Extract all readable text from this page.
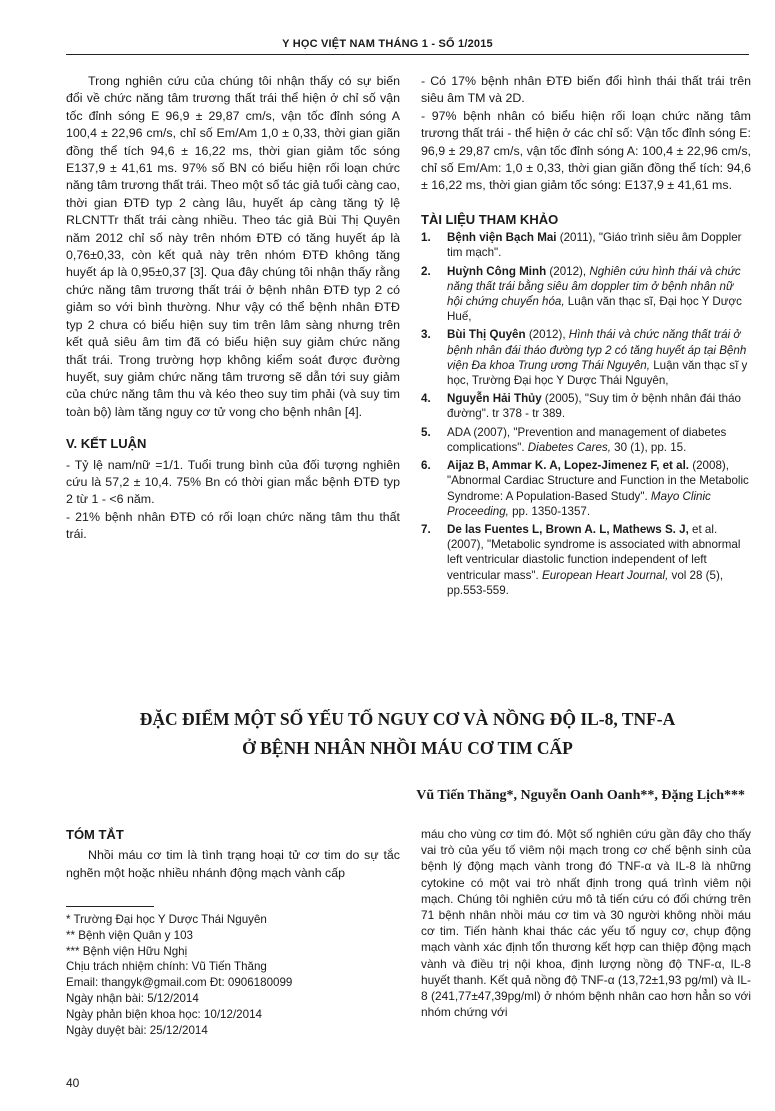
Y HỌC VIỆT NAM THÁNG 1 - SỐ 1/2015

Trong nghiên cứu của chúng tôi nhận thấy có sự biến đổi về chức năng tâm trương thất trái thể hiện ở chỉ số vận tốc đỉnh sóng E 96,9 ± 29,87 cm/s, vận tốc đỉnh sóng A 100,4 ± 22,96 cm/s, chỉ số Em/Am 1,0 ± 0,33, thời gian giãn đồng thể tích 94,6 ± 16,22 ms, thời gian giảm tốc sóng E137,9 ± 41,61 ms. 97% số BN có biểu hiện rối loạn chức năng tâm trương thất trái. Theo một số tác giả tuổi càng cao, thời gian ĐTĐ typ 2 càng lâu, huyết áp càng tăng tỷ lệ RLCNTTr thất trái càng nhiều. Theo tác giả Bùi Thị Quyên năm 2012 chỉ số này trên nhóm ĐTĐ có tăng huyết áp là 0,76±0,33, còn kết quả này trên nhóm ĐTĐ không tăng huyết áp là 0,95±0,37 [3]. Qua đây chúng tôi nhận thấy rằng chức năng tâm trương thất trái ở bệnh nhân ĐTĐ typ 2 có giảm so với bình thường. Như vậy có thể bệnh nhân ĐTĐ typ 2 chưa có biểu hiện suy tim trên lâm sàng nhưng trên kết quả siêu âm tim đã có biểu hiện suy giảm chức năng thất trái. Trong trường hợp không kiểm soát được đường huyết, suy giảm chức năng tâm trương sẽ dẫn tới suy giảm của chức năng tâm thu và kéo theo suy tim phải (và suy tim toàn bộ) làm tăng nguy cơ tử vong cho bệnh nhân [4].

V. KẾT LUẬN

- Tỷ lệ nam/nữ =1/1. Tuổi trung bình của đối tượng nghiên cứu là 57,2 ± 10,4. 75% Bn có thời gian mắc bệnh ĐTĐ typ 2 từ 1 - <6 năm.

- 21% bệnh nhân ĐTĐ có rối loạn chức năng tâm thu thất trái.

- Có 17% bệnh nhân ĐTĐ biến đổi hình thái thất trái trên siêu âm TM và 2D.

- 97% bệnh nhân có biểu hiện rối loạn chức năng tâm trương thất trái - thể hiện ở các chỉ số: Vận tốc đỉnh sóng E: 96,9 ± 29,87 cm/s, vận tốc đỉnh sóng A: 100,4 ± 22,96 cm/s, chỉ số Em/Am: 1,0 ± 0,33, thời gian giãn đồng thể tích: 94,6 ± 16,22 ms, thời gian giảm tốc sóng: E137,9 ± 41,61 ms.

TÀI LIỆU THAM KHẢO

1. Bệnh viện Bạch Mai (2011), "Giáo trình siêu âm Doppler tim mạch".
2. Huỳnh Công Minh (2012), Nghiên cứu hình thái và chức năng thất trái bằng siêu âm doppler tim ở bệnh nhân nữ hội chứng chuyển hóa, Luận văn thạc sĩ, Đại học Y Dược Huế,
3. Bùi Thị Quyên (2012), Hình thái và chức năng thất trái ở bệnh nhân đái tháo đường typ 2 có tăng huyết áp tại Bệnh viện Đa khoa Trung ương Thái Nguyên, Luận văn thạc sĩ y học, Trường Đại học Y Dược Thái Nguyên,
4. Nguyễn Hải Thủy (2005), "Suy tim ở bệnh nhân đái tháo đường". tr 378 - tr 389.
5. ADA (2007), "Prevention and management of diabetes complications". Diabetes Cares, 30 (1), pp. 15.
6. Aijaz B, Ammar K. A, Lopez-Jimenez F, et al. (2008), "Abnormal Cardiac Structure and Function in the Metabolic Syndrome: A Population-Based Study". Mayo Clinic Proceeding, pp. 1350-1357.
7. De las Fuentes L, Brown A. L, Mathews S. J, et al. (2007), "Metabolic syndrome is associated with abnormal left ventricular diastolic function independent of left ventricular mass". European Heart Journal, vol 28 (5), pp.553-559.
ĐẶC ĐIỂM MỘT SỐ YẾU TỐ NGUY CƠ VÀ NỒNG ĐỘ IL-8, TNF-A
Ở BỆNH NHÂN NHỒI MÁU CƠ TIM CẤP
Vũ Tiến Thăng*, Nguyễn Oanh Oanh**, Đặng Lịch***

TÓM TẮT

Nhồi máu cơ tim là tình trạng hoại tử cơ tim do sự tắc nghẽn một hoặc nhiều nhánh động mạch vành cấp

máu cho vùng cơ tim đó. Một số nghiên cứu gần đây cho thấy vai trò của yếu tố viêm nội mạch trong cơ chế bệnh sinh của bệnh lý động mạch vành trong đó TNF-α và IL-8 là những cytokine có một vai trò nhất định trong quá trình viêm nội mạch. Chúng tôi nghiên cứu mô tả tiến cứu có đối chứng trên 71 bệnh nhân nhồi máu cơ tim và 30 người không nhồi máu cơ tim. Tiến hành khai thác các yếu tố nguy cơ, chụp động mạch vành xác định tổn thương kết hợp can thiệp động mạch vành và điều trị nội khoa, định lượng nồng độ TNF-α, IL-8 huyết thanh. Kết quả nồng độ TNF-α (13,72±1,93 pg/ml) và IL-8 (241,77±47,39pg/ml) ở nhóm bệnh nhân cao hơn hẳn so với nhóm chứng với

* Trường Đại học Y Dược Thái Nguyên
** Bệnh viện Quân y 103
*** Bệnh viện Hữu Nghị
Chịu trách nhiệm chính: Vũ Tiến Thăng
Email: thangyk@gmail.com Đt: 0906180099
Ngày nhận bài: 5/12/2014
Ngày phản biện khoa học: 10/12/2014
Ngày duyệt bài: 25/12/2014
40
